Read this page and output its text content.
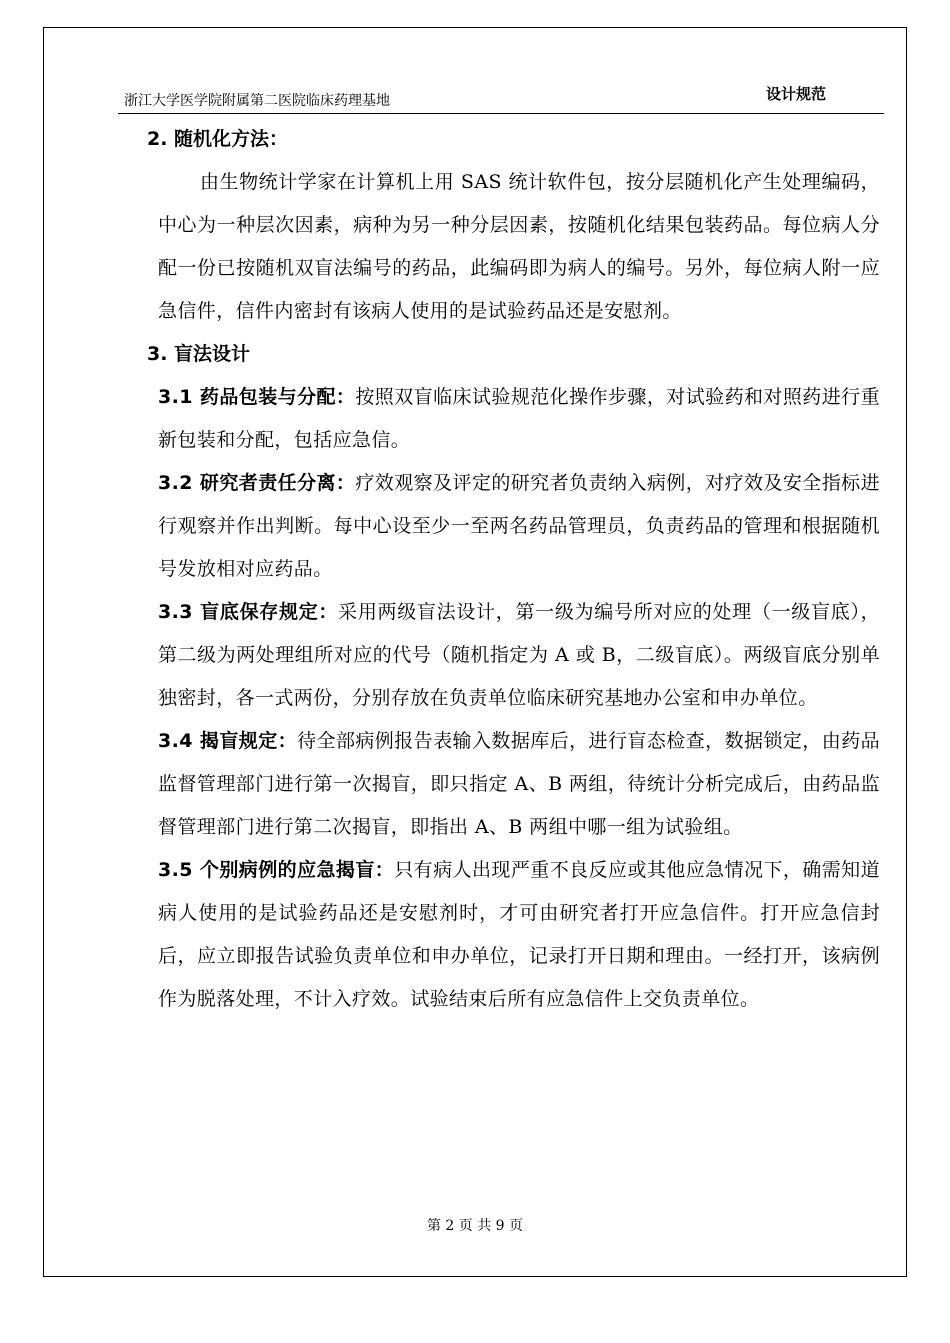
浙江大学医学院附属第二医院临床药理基地	设计规范
2. 随机化方法：

由生物统计学家在计算机上用 SAS 统计软件包，按分层随机化产生处理编码，中心为一种层次因素，病种为另一种分层因素，按随机化结果包装药品。每位病人分配一份已按随机双盲法编号的药品，此编码即为病人的编号。另外，每位病人附一应急信件，信件内密封有该病人使用的是试验药品还是安慰剂。

3. 盲法设计

3.1 药品包装与分配：按照双盲临床试验规范化操作步骤，对试验药和对照药进行重新包装和分配，包括应急信。

3.2 研究者责任分离：疗效观察及评定的研究者负责纳入病例，对疗效及安全指标进行观察并作出判断。每中心设至少一至两名药品管理员，负责药品的管理和根据随机号发放相对应药品。

3.3 盲底保存规定：采用两级盲法设计，第一级为编号所对应的处理（一级盲底），第二级为两处理组所对应的代号（随机指定为 A 或 B，二级盲底）。两级盲底分别单独密封，各一式两份，分别存放在负责单位临床研究基地办公室和申办单位。

3.4 揭盲规定：待全部病例报告表输入数据库后，进行盲态检查，数据锁定，由药品监督管理部门进行第一次揭盲，即只指定 A、B 两组，待统计分析完成后，由药品监督管理部门进行第二次揭盲，即指出 A、B 两组中哪一组为试验组。

3.5 个别病例的应急揭盲：只有病人出现严重不良反应或其他应急情况下，确需知道病人使用的是试验药品还是安慰剂时，才可由研究者打开应急信件。打开应急信封后，应立即报告试验负责单位和申办单位，记录打开日期和理由。一经打开，该病例作为脱落处理，不计入疗效。试验结束后所有应急信件上交负责单位。

第 2 页 共 9 页
